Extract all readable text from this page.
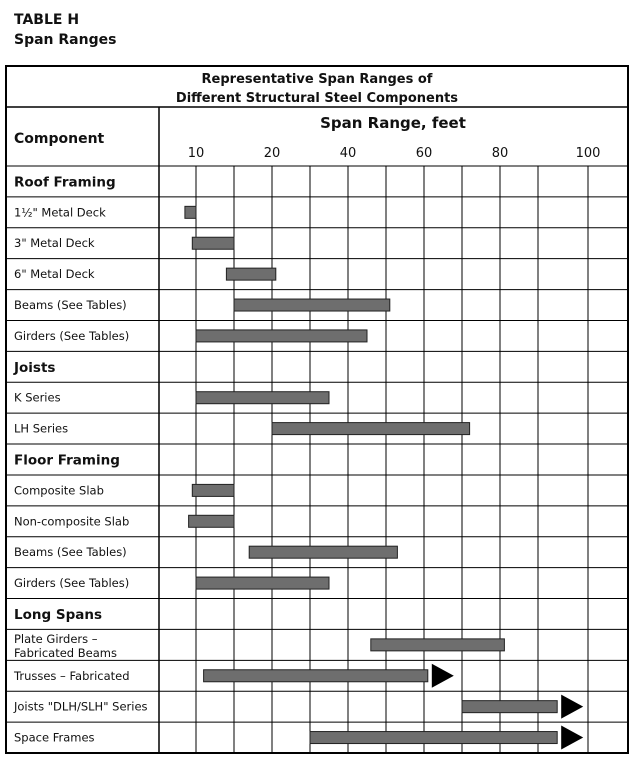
TABLE H
Span Ranges
Representative Span Ranges of
Different Structural Steel Components
Component
Span Range, feet
10	20	40	60	80	100
Roof Framing
1½" Metal Deck
3" Metal Deck
6" Metal Deck
Beams (See Tables)
Girders (See Tables)
Joists
K Series
LH Series
Floor Framing
Composite Slab
Non-composite Slab
Beams (See Tables)
Girders (See Tables)
Long Spans
Plate Girders –
Fabricated Beams
Trusses – Fabricated
Joists "DLH/SLH" Series
Space Frames
